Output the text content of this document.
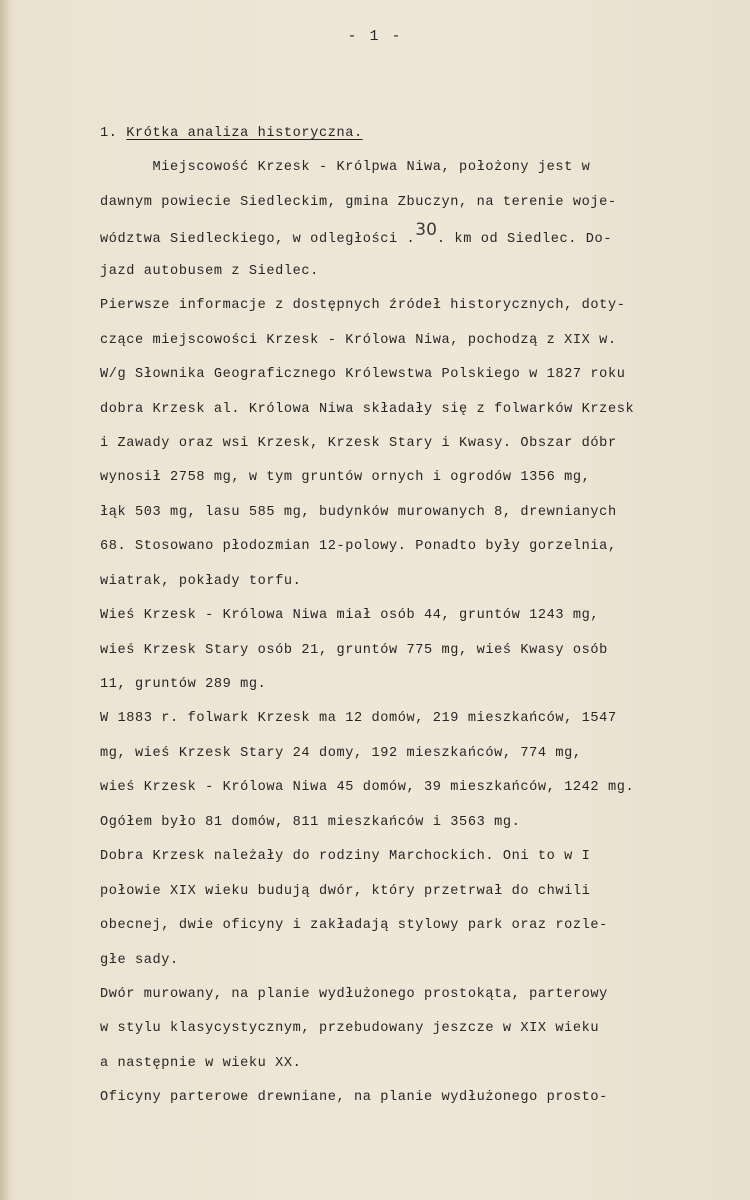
- 1 -
1. Krótka analiza historyczna.
Miejscowość Krzesk - Królpwa Niwa, położony jest w
dawnym powiecie Siedleckim, gmina Zbuczyn, na terenie woje-
wództwa Siedleckiego, w odległości .30. km od Siedlec. Do-
jazd autobusem z Siedlec.
Pierwsze informacje z dostępnych źródeł historycznych, doty-
czące miejscowości Krzesk - Królowa Niwa, pochodzą z XIX w.
W/g Słownika Geograficznego Królewstwa Polskiego w 1827 roku
dobra Krzesk al. Królowa Niwa składały się z folwarków Krzesk
i Zawady oraz wsi Krzesk, Krzesk Stary i Kwasy. Obszar dóbr
wynosił 2758 mg, w tym gruntów ornych i ogrodów 1356 mg,
łąk 503 mg, lasu 585 mg, budynków murowanych 8, drewnianych
68. Stosowano płodozmian 12-polowy. Ponadto były gorzelnia,
wiatrak, pokłady torfu.
Wieś Krzesk - Królowa Niwa miał osób 44, gruntów 1243 mg,
wieś Krzesk Stary osób 21, gruntów 775 mg, wieś Kwasy osób
11, gruntów 289 mg.
W 1883 r. folwark Krzesk ma 12 domów, 219 mieszkańców, 1547
mg, wieś Krzesk Stary 24 domy, 192 mieszkańców, 774 mg,
wieś Krzesk - Królowa Niwa 45 domów, 39 mieszkańców, 1242 mg.
Ogółem było 81 domów, 811 mieszkańców i 3563 mg.
Dobra Krzesk należały do rodziny Marchockich. Oni to w I
połowie XIX wieku budują dwór, który przetrwał do chwili
obecnej, dwie oficyny i zakładają stylowy park oraz rozle-
głe sady.
Dwór murowany, na planie wydłużonego prostokąta, parterowy
w stylu klasycystycznym, przebudowany jeszcze w XIX wieku
a następnie w wieku XX.
Oficyny parterowe drewniane, na planie wydłużonego prosto-
